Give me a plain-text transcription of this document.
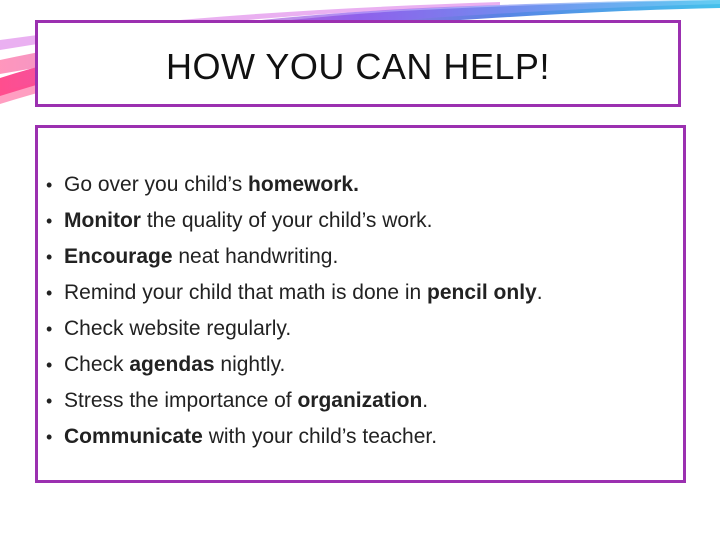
HOW YOU CAN HELP!
• Go over you child’s homework.
• Monitor the quality of your child’s work.
• Encourage neat handwriting.
• Remind your child that math is done in pencil only.
• Check website regularly.
• Check agendas nightly.
• Stress the importance of organization.
• Communicate with your child’s teacher.
